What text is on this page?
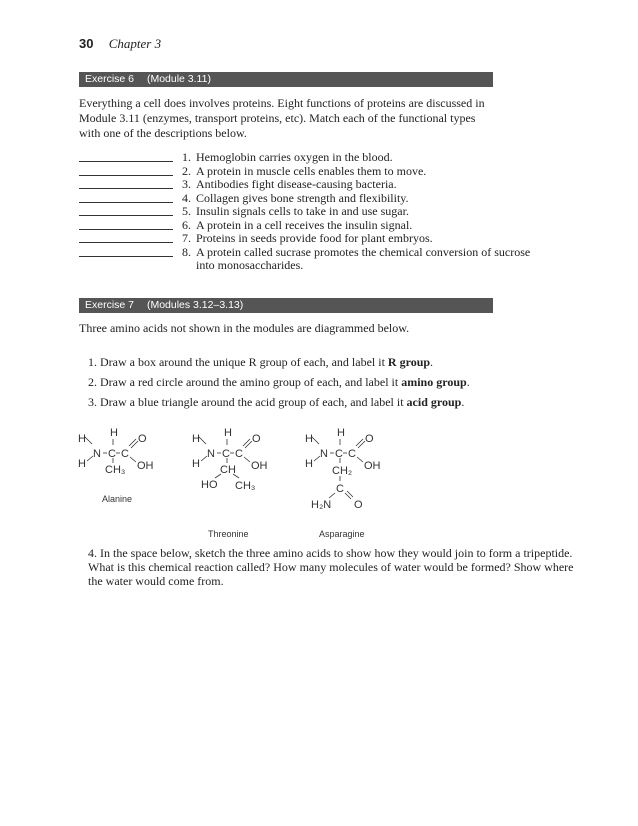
30 Chapter 3
Exercise 6 (Module 3.11)

Everything a cell does involves proteins. Eight functions of proteins are discussed in Module 3.11 (enzymes, transport proteins, etc). Match each of the functional types with one of the descriptions below.

1. Hemoglobin carries oxygen in the blood.
2. A protein in muscle cells enables them to move.
3. Antibodies fight disease-causing bacteria.
4. Collagen gives bone strength and flexibility.
5. Insulin signals cells to take in and use sugar.
6. A protein in a cell receives the insulin signal.
7. Proteins in seeds provide food for plant embryos.
8. A protein called sucrase promotes the chemical conversion of sucrose into monosaccharides.
Exercise 7 (Modules 3.12–3.13)

Three amino acids not shown in the modules are diagrammed below.

1. Draw a box around the unique R group of each, and label it R group.

2. Draw a red circle around the amino group of each, and label it amino group.

3. Draw a blue triangle around the acid group of each, and label it acid group.

H
H
N C C
O
H	OH
CH₃
Alanine
H
H
N C C
O
H	OH
CH
HO CH₃
Threonine
H
H
N C C
O
H	OH
CH₂
C
H₂N O
Asparagine

4. In the space below, sketch the three amino acids to show how they would join to form a tripeptide. What is this chemical reaction called? How many molecules of water would be formed? Show where the water would come from.
